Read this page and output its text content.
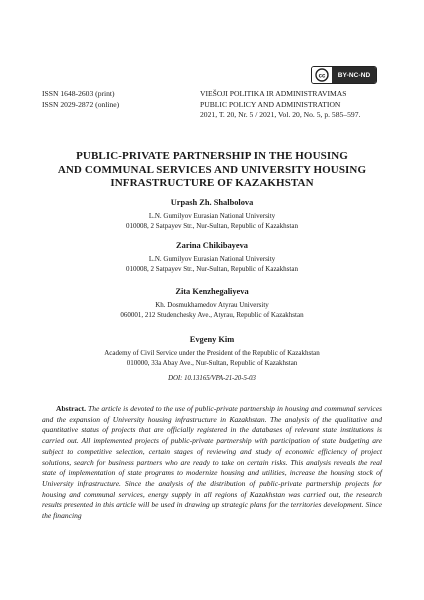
cc	BY-NC-ND
ISSN 1648-2603 (print)
ISSN 2029-2872 (online)
VIEŠOJI POLITIKA IR ADMINISTRAVIMAS
PUBLIC POLICY AND ADMINISTRATION
2021, T. 20, Nr. 5 / 2021, Vol. 20, No. 5, p. 585–597.
PUBLIC-PRIVATE PARTNERSHIP IN THE HOUSING
AND COMMUNAL SERVICES AND UNIVERSITY HOUSING
INFRASTRUCTURE OF KAZAKHSTAN
Urpash Zh. Shalbolova
L.N. Gumilyov Eurasian National University
010008, 2 Satpayev Str., Nur-Sultan, Republic of Kazakhstan
Zarina Chikibayeva
L.N. Gumilyov Eurasian National University
010008, 2 Satpayev Str., Nur-Sultan, Republic of Kazakhstan
Zita Kenzhegaliyeva
Kh. Dosmukhamedov Atyrau University
060001, 212 Studenchesky Ave., Atyrau, Republic of Kazakhstan
Evgeny Kim
Academy of Civil Service under the President of the Republic of Kazakhstan
010000, 33a Abay Ave., Nur-Sultan, Republic of Kazakhstan
DOI: 10.13165/VPA-21-20-5-03
Abstract. The article is devoted to the use of public-private partnership in housing and communal services and the expansion of University housing infrastructure in Kazakhstan. The analysis of the qualitative and quantitative status of projects that are officially registered in the databases of relevant state institutions is carried out. All implemented projects of public-private partnership with participation of state budgeting are subject to competitive selection, certain stages of reviewing and study of economic efficiency of project solutions, search for business partners who are ready to take on certain risks. This analysis reveals the real state of implementation of state programs to modernize housing and utilities, increase the housing stock of University infrastructure. Since the analysis of the distribution of public-private partnership projects for housing and communal services, energy supply in all regions of Kazakhstan was carried out, the research results presented in this article will be used in drawing up strategic plans for the territories development. Since the financing
